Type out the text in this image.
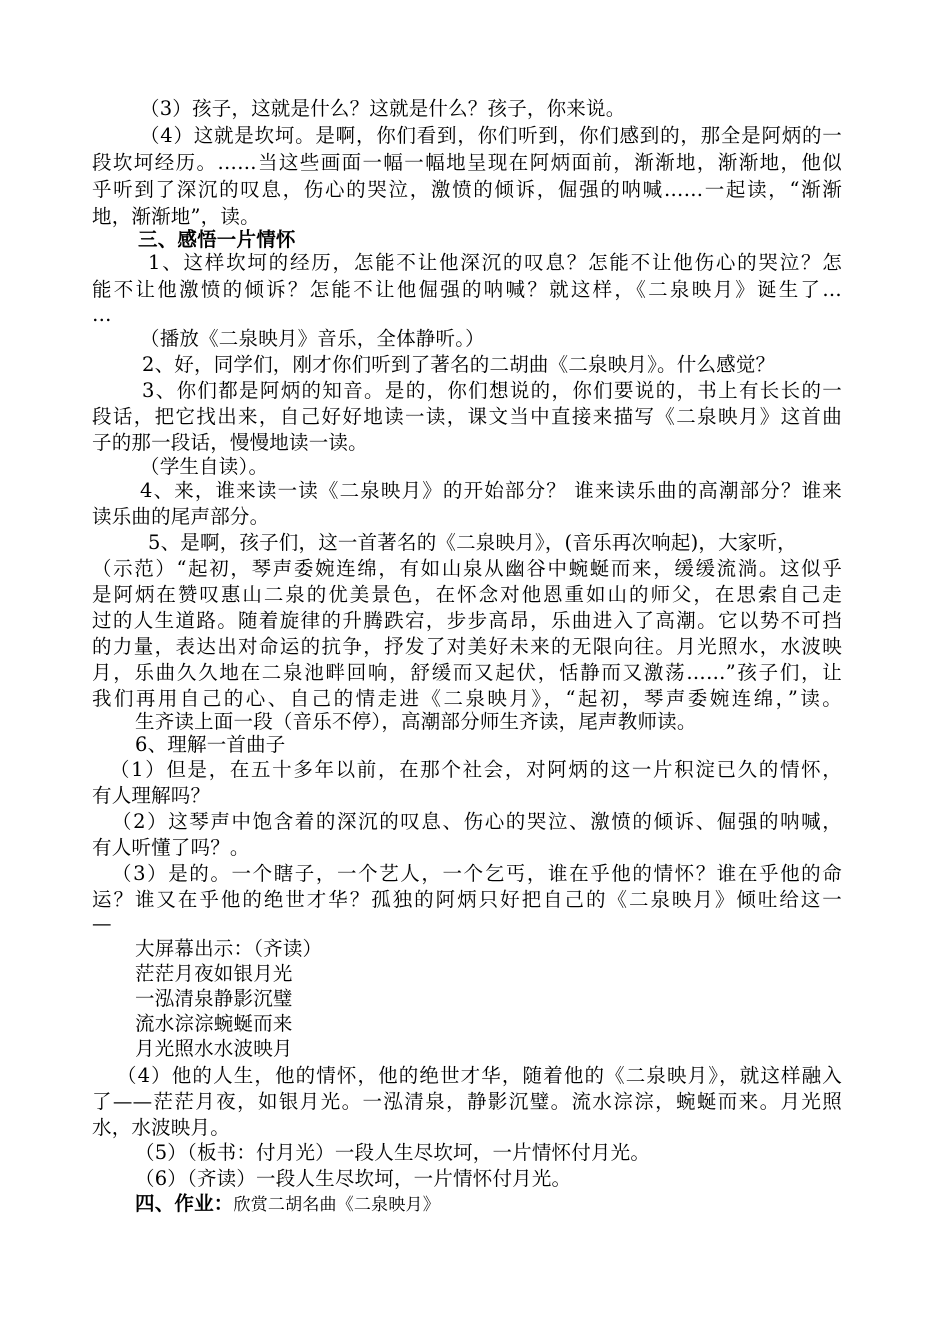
（3）孩子，这就是什么？这就是什么？孩子，你来说。
（4）这就是坎坷。是啊，你们看到，你们听到，你们感到的，那全是阿炳的一
段坎坷经历。……当这些画面一幅一幅地呈现在阿炳面前，渐渐地，渐渐地，他似
乎听到了深沉的叹息，伤心的哭泣，激愤的倾诉，倔强的呐喊……一起读，“渐渐
地，渐渐地”，读。
三、感悟一片情怀
1、这样坎坷的经历，怎能不让他深沉的叹息？怎能不让他伤心的哭泣？怎
能不让他激愤的倾诉？怎能不让他倔强的呐喊？就这样，《二泉映月》诞生了…
…
（播放《二泉映月》音乐，全体静听。）
2、好，同学们，刚才你们听到了著名的二胡曲《二泉映月》。什么感觉？
3、你们都是阿炳的知音。是的，你们想说的，你们要说的，书上有长长的一
段话，把它找出来，自己好好地读一读，课文当中直接来描写《二泉映月》这首曲
子的那一段话，慢慢地读一读。
（学生自读）。
4、来，谁来读一读《二泉映月》的开始部分？ 谁来读乐曲的高潮部分？谁来
读乐曲的尾声部分。
5、是啊，孩子们，这一首著名的《二泉映月》，(音乐再次响起)，大家听，
（示范）“起初，琴声委婉连绵，有如山泉从幽谷中蜿蜒而来，缓缓流淌。这似乎
是阿炳在赞叹惠山二泉的优美景色，在怀念对他恩重如山的师父，在思索自己走
过的人生道路。随着旋律的升腾跌宕，步步高昂，乐曲进入了高潮。它以势不可挡
的力量，表达出对命运的抗争，抒发了对美好未来的无限向往。月光照水，水波映
月，乐曲久久地在二泉池畔回响，舒缓而又起伏，恬静而又激荡……”孩子们，让
我们再用自己的心、自己的情走进《二泉映月》，“起初，琴声委婉连绵，”读。
生齐读上面一段（音乐不停），高潮部分师生齐读，尾声教师读。
6、理解一首曲子
（1）但是，在五十多年以前，在那个社会，对阿炳的这一片积淀已久的情怀，
有人理解吗？
（2）这琴声中饱含着的深沉的叹息、伤心的哭泣、激愤的倾诉、倔强的呐喊，
有人听懂了吗？。
（3）是的。一个瞎子，一个艺人，一个乞丐，谁在乎他的情怀？谁在乎他的命
运？谁又在乎他的绝世才华？孤独的阿炳只好把自己的《二泉映月》倾吐给这一
—
大屏幕出示：（齐读）
茫茫月夜如银月光
一泓清泉静影沉璧
流水淙淙蜿蜒而来
月光照水水波映月
（4）他的人生，他的情怀，他的绝世才华，随着他的《二泉映月》，就这样融入
了——茫茫月夜，如银月光。一泓清泉，静影沉璧。流水淙淙，蜿蜒而来。月光照
水，水波映月。
（5）（板书：付月光）一段人生尽坎坷，一片情怀付月光。
（6）（齐读）一段人生尽坎坷，一片情怀付月光。
四、作业：欣赏二胡名曲《二泉映月》
